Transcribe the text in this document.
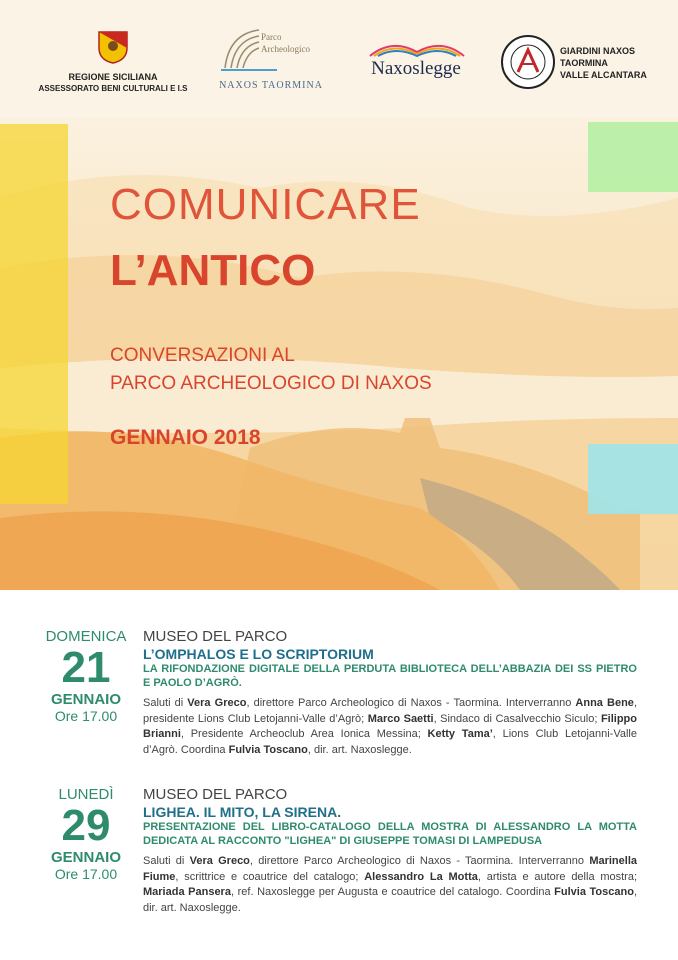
REGIONE SICILIANA
ASSESSORATO BENI CULTURALI E I.S
Parco
Archeologico
NAXOS TAORMINA
Naxoslegge
GIARDINI NAXOS
TAORMINA
VALLE ALCANTARA
COMUNICARE
L’ANTICO
CONVERSAZIONI AL
PARCO ARCHEOLOGICO DI NAXOS
GENNAIO 2018
DOMENICA
21
GENNAIO
Ore 17.00
MUSEO DEL PARCO
L’OMPHALOS E LO SCRIPTORIUM
LA RIFONDAZIONE DIGITALE DELLA PERDUTA BIBLIOTECA DELL’ABBAZIA DEI SS PIETRO E PAOLO D’AGRÒ.
Saluti di Vera Greco, direttore Parco Archeologico di Naxos - Taormina. Interverranno Anna Bene, presidente Lions Club Letojanni-Valle d’Agrò; Marco Saetti, Sindaco di Casalvecchio Siculo; Filippo Brianni, Presidente Archeoclub Area Ionica Messina; Ketty Tama’, Lions Club Letojanni-Valle d’Agrò. Coordina Fulvia Toscano, dir. art. Naxoslegge.
LUNEDÌ
29
GENNAIO
Ore 17.00
MUSEO DEL PARCO
LIGHEA. IL MITO, LA SIRENA.
PRESENTAZIONE DEL LIBRO-CATALOGO DELLA MOSTRA DI ALESSANDRO LA MOTTA DEDICATA AL RACCONTO "LIGHEA" DI GIUSEPPE TOMASI DI LAMPEDUSA
Saluti di Vera Greco, direttore Parco Archeologico di Naxos - Taormina. Interverranno Marinella Fiume, scrittrice e coautrice del catalogo; Alessandro La Motta, artista e autore della mostra; Mariada Pansera, ref. Naxoslegge per Augusta e coautrice del catalogo. Coordina Fulvia Toscano, dir. art. Naxoslegge.
